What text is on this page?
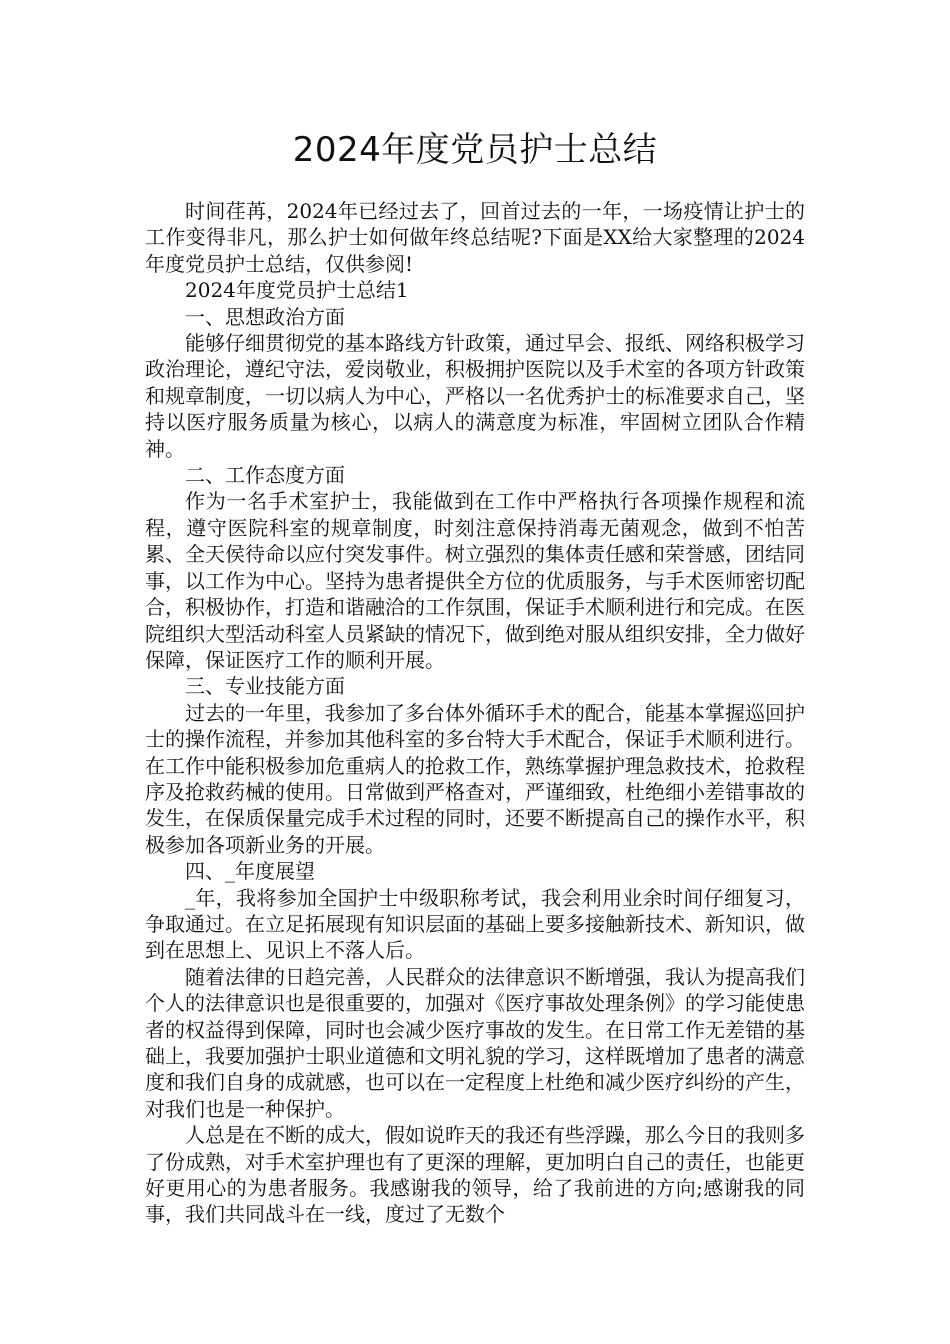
2024年度党员护士总结

时间荏苒，2024年已经过去了，回首过去的一年，一场疫情让护士的工作变得非凡，那么护士如何做年终总结呢?下面是XX给大家整理的2024年度党员护士总结，仅供参阅!

2024年度党员护士总结1

一、思想政治方面

能够仔细贯彻党的基本路线方针政策，通过早会、报纸、网络积极学习政治理论，遵纪守法，爱岗敬业，积极拥护医院以及手术室的各项方针政策和规章制度，一切以病人为中心，严格以一名优秀护士的标准要求自己，坚持以医疗服务质量为核心，以病人的满意度为标准，牢固树立团队合作精神。

二、工作态度方面

作为一名手术室护士，我能做到在工作中严格执行各项操作规程和流程，遵守医院科室的规章制度，时刻注意保持消毒无菌观念，做到不怕苦累、全天侯待命以应付突发事件。树立强烈的集体责任感和荣誉感，团结同事，以工作为中心。坚持为患者提供全方位的优质服务，与手术医师密切配合，积极协作，打造和谐融洽的工作氛围，保证手术顺利进行和完成。在医院组织大型活动科室人员紧缺的情况下，做到绝对服从组织安排，全力做好保障，保证医疗工作的顺利开展。

三、专业技能方面

过去的一年里，我参加了多台体外循环手术的配合，能基本掌握巡回护士的操作流程，并参加其他科室的多台特大手术配合，保证手术顺利进行。在工作中能积极参加危重病人的抢救工作，熟练掌握护理急救技术，抢救程序及抢救药械的使用。日常做到严格查对，严谨细致，杜绝细小差错事故的发生，在保质保量完成手术过程的同时，还要不断提高自己的操作水平，积极参加各项新业务的开展。

四、_年度展望

_年，我将参加全国护士中级职称考试，我会利用业余时间仔细复习，争取通过。在立足拓展现有知识层面的基础上要多接触新技术、新知识，做到在思想上、见识上不落人后。

随着法律的日趋完善，人民群众的法律意识不断增强，我认为提高我们个人的法律意识也是很重要的，加强对《医疗事故处理条例》的学习能使患者的权益得到保障，同时也会减少医疗事故的发生。在日常工作无差错的基础上，我要加强护士职业道德和文明礼貌的学习，这样既增加了患者的满意度和我们自身的成就感，也可以在一定程度上杜绝和减少医疗纠纷的产生，对我们也是一种保护。

人总是在不断的成大，假如说昨天的我还有些浮躁，那么今日的我则多了份成熟，对手术室护理也有了更深的理解，更加明白自己的责任，也能更好更用心的为患者服务。我感谢我的领导，给了我前进的方向;感谢我的同事，我们共同战斗在一线，度过了无数个
